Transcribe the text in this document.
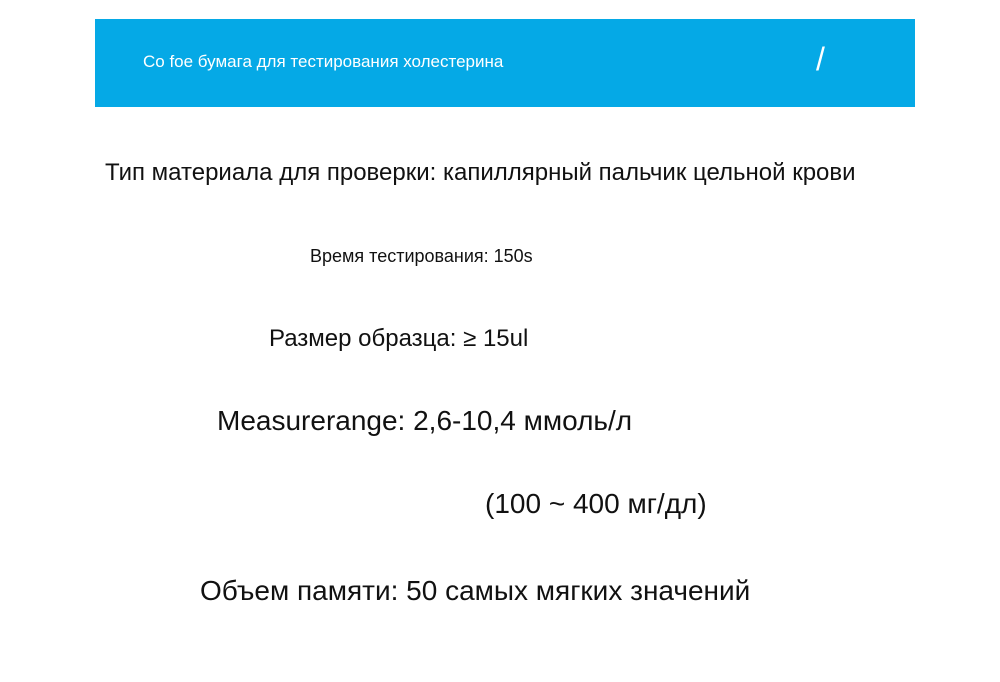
Co foe бумага для тестирования холестерина	/
Тип материала для проверки: капиллярный пальчик цельной крови
Время тестирования: 150s
Размер образца: ≥ 15ul
Measurerange: 2,6-10,4 ммоль/л
(100 ~ 400 мг/дл)
Объем памяти: 50 самых мягких значений
